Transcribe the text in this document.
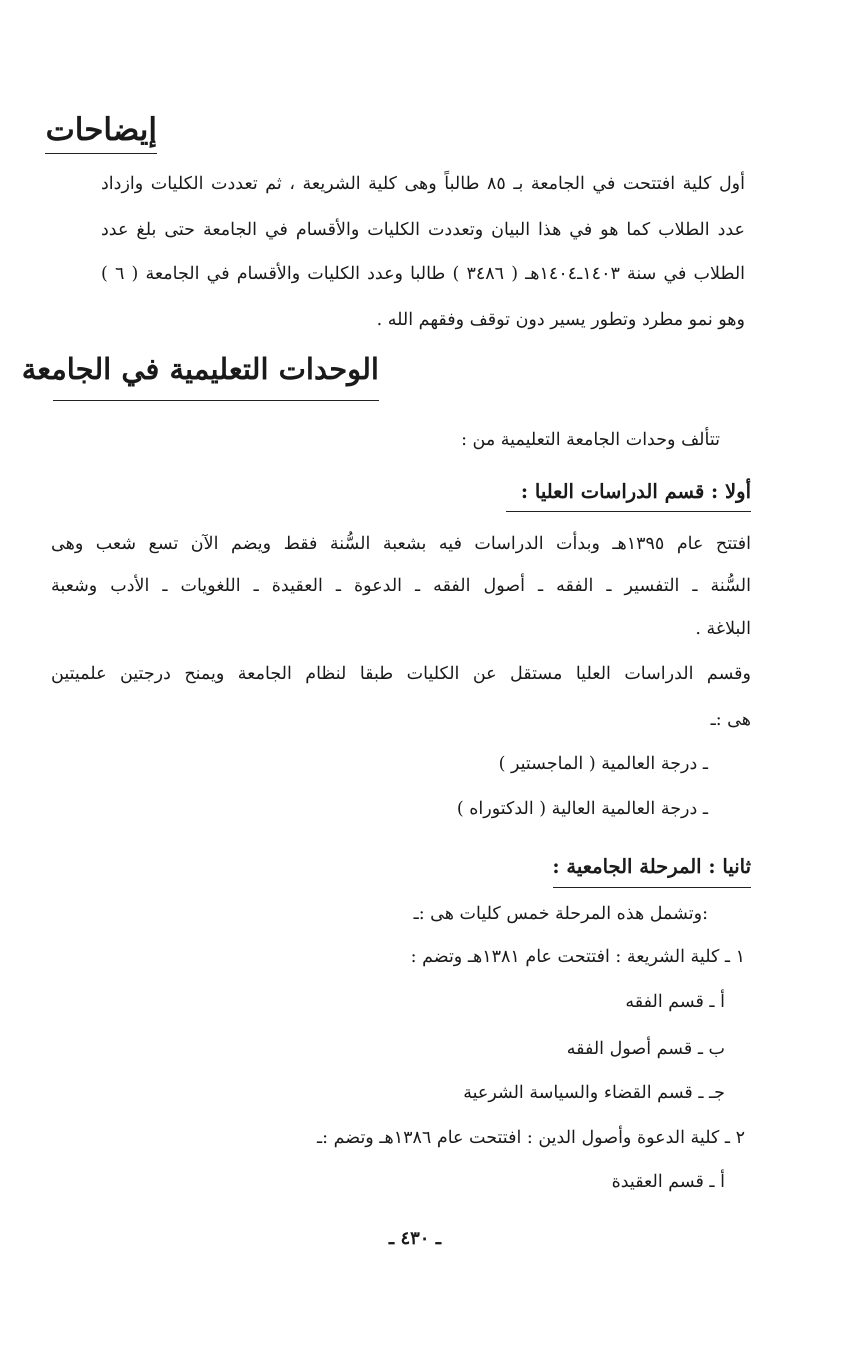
إيضاحات
أول كلية افتتحت في الجامعة بـ ٨٥ طالباً وهى كلية الشريعة ، ثم تعددت الكليات وازداد
عدد الطلاب كما هو في هذا البيان وتعددت الكليات والأقسام في الجامعة حتى بلغ عدد
الطلاب في سنة ١٤٠٣ـ١٤٠٤هـ ( ٣٤٨٦ ) طالبا وعدد الكليات والأقسام في الجامعة ( ٦ )
وهو نمو مطرد وتطور يسير دون توقف وفقهم الله .
الوحدات التعليمية في الجامعة
تتألف وحدات الجامعة التعليمية من :
أولا : قسم الدراسات العليا :
افتتح عام ١٣٩٥هـ وبدأت الدراسات فيه بشعبة السُّنة فقط ويضم الآن تسع شعب وهى
السُّنة ـ التفسير ـ الفقه ـ أصول الفقه ـ الدعوة ـ العقيدة ـ اللغويات ـ الأدب وشعبة
البلاغة .
وقسم الدراسات العليا مستقل عن الكليات طبقا لنظام الجامعة ويمنح درجتين علميتين
هى :ـ
ـ درجة العالمية ( الماجستير )
ـ درجة العالمية العالية ( الدكتوراه )
ثانيا : المرحلة الجامعية :
:وتشمل هذه المرحلة خمس كليات هى :ـ
١ ـ كلية الشريعة : افتتحت عام ١٣٨١هـ وتضم :
أ ـ قسم الفقه
ب ـ قسم أصول الفقه
جـ ـ قسم القضاء والسياسة الشرعية
٢ ـ كلية الدعوة وأصول الدين : افتتحت عام ١٣٨٦هـ وتضم :ـ
أ ـ قسم العقيدة
ـ ٤٣٠ ـ
